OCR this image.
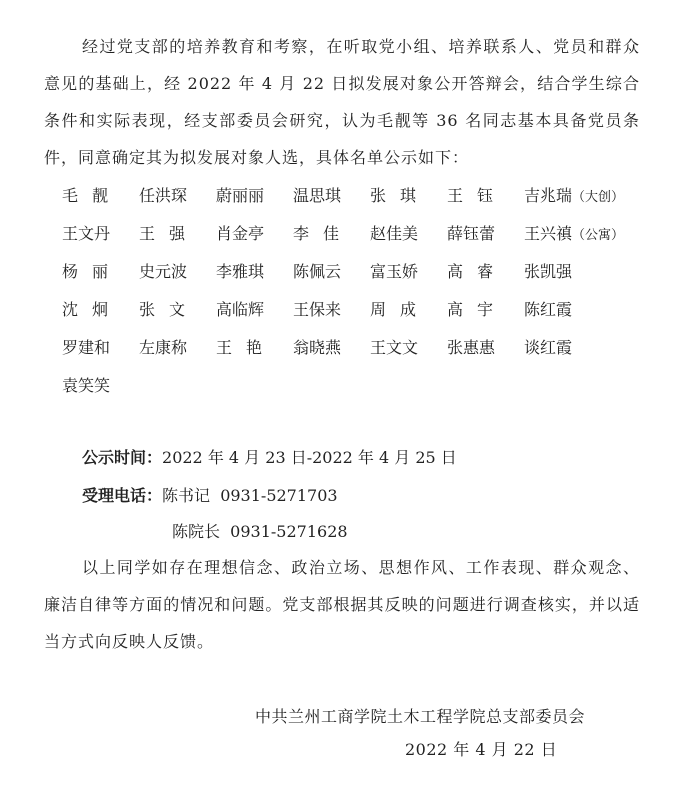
经过党支部的培养教育和考察，在听取党小组、培养联系人、党员和群众意见的基础上，经 2022 年 4 月 22 日拟发展对象公开答辩会，结合学生综合条件和实际表现，经支部委员会研究，认为毛靓等 36 名同志基本具备党员条件，同意确定其为拟发展对象人选，具体名单公示如下：

毛靓	任洪琛	蔚丽丽	温思琪	张琪	王钰	吉兆瑞（大创）
王文丹	王强	肖金亭	李佳	赵佳美	薛钰蕾	王兴禛（公寓）
杨丽	史元波	李雅琪	陈佩云	富玉娇	高睿	张凯强
沈炯	张文	高临辉	王保来	周成	高宇	陈红霞
罗建和	左康称	王艳	翁晓燕	王文文	张惠惠	谈红霞
袁笑笑
公示时间：2022 年 4 月 23 日-2022 年 4 月 25 日
受理电话：陈书记  0931-5271703
陈院长  0931-5271628

以上同学如存在理想信念、政治立场、思想作风、工作表现、群众观念、廉洁自律等方面的情况和问题。党支部根据其反映的问题进行调查核实，并以适当方式向反映人反馈。

中共兰州工商学院土木工程学院总支部委员会
2022 年 4 月 22 日
